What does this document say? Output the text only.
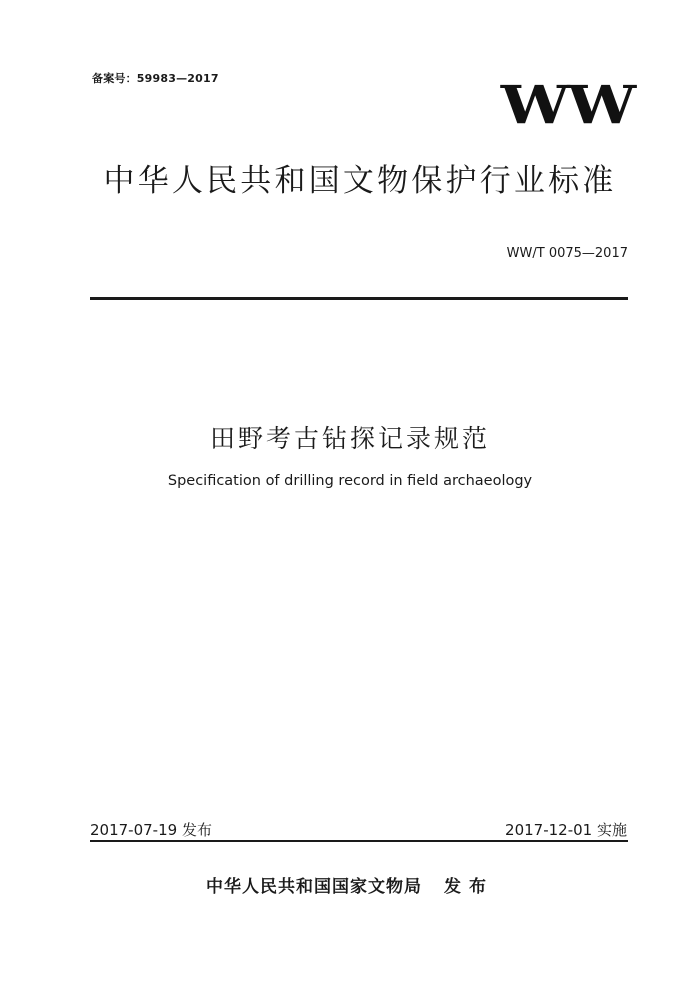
备案号：59983—2017	WW
中华人民共和国文物保护行业标准
WW/T 0075—2017
田野考古钻探记录规范
Specification of drilling record in field archaeology
2017-07-19 发布	2017-12-01 实施
中华人民共和国国家文物局 发布
